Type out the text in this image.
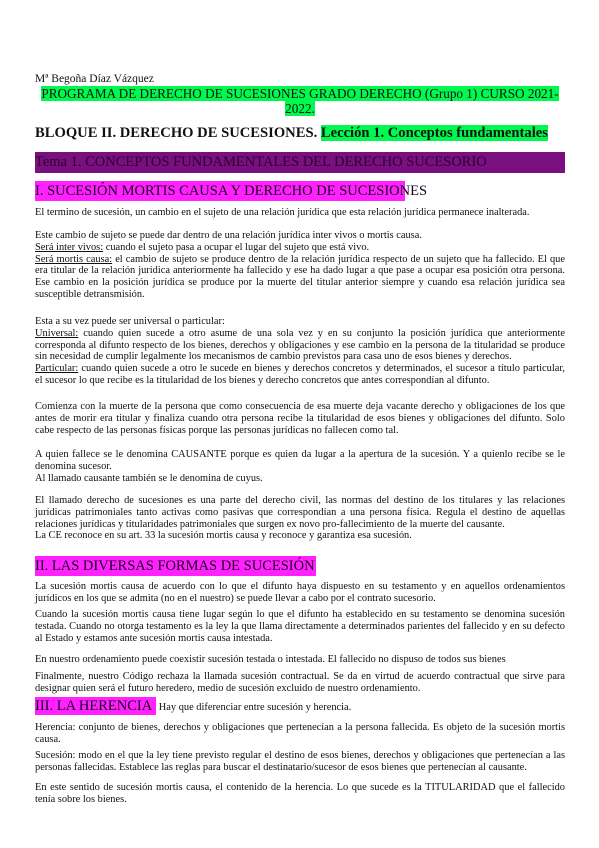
Mª Begoña Díaz Vázquez
PROGRAMA DE DERECHO DE SUCESIONES GRADO DERECHO (Grupo 1) CURSO 2021-2022.
BLOQUE II. DERECHO DE SUCESIONES. Lección 1. Conceptos fundamentales
Tema 1. CONCEPTOS FUNDAMENTALES DEL DERECHO SUCESORIO
I. SUCESIÓN MORTIS CAUSA Y DERECHO DE SUCESIONES
El termino de sucesión, un cambio en el sujeto de una relación jurídica que esta relación jurídica permanece inalterada.
Este cambio de sujeto se puede dar dentro de una relación jurídica inter vivos o mortis causa.
Será inter vivos: cuando el sujeto pasa a ocupar el lugar del sujeto que está vivo.
Será mortis causa: el cambio de sujeto se produce dentro de la relación jurídica respecto de un sujeto que ha fallecido. El que era titular de la relación jurídica anteriormente ha fallecido y ese ha dado lugar a que pase a ocupar esa posición otra persona. Ese cambio en la posición jurídica se produce por la muerte del titular anterior siempre y cuando esa relación jurídica sea susceptible detransmisión.
Esta a su vez puede ser universal o particular:
Universal: cuando quien sucede a otro asume de una sola vez y en su conjunto la posición jurídica que anteriormente corresponda al difunto respecto de los bienes, derechos y obligaciones y ese cambio en la persona de la titularidad se produce sin necesidad de cumplir legalmente los mecanismos de cambio previstos para casa uno de esos bienes y derechos.
Particular: cuando quien sucede a otro le sucede en bienes y derechos concretos y determinados, el sucesor a título particular, el sucesor lo que recibe es la titularidad de los bienes y derecho concretos que antes correspondían al difunto.
Comienza con la muerte de la persona que como consecuencia de esa muerte deja vacante derecho y obligaciones de los que antes de morir era titular y finaliza cuando otra persona recibe la titularidad de esos bienes y obligaciones del difunto. Solo cabe respecto de las personas físicas porque las personas jurídicas no fallecen como tal.
A quien fallece se le denomina CAUSANTE porque es quien da lugar a la apertura de la sucesión. Y a quienlo recibe se le denomina sucesor.
Al llamado causante también se le denomina de cuyus.
El llamado derecho de sucesiones es una parte del derecho civil, las normas del destino de los titulares y las relaciones jurídicas patrimoniales tanto activas como pasivas que correspondían a una persona física. Regula el destino de aquellas relaciones jurídicas y titularidades patrimoniales que surgen ex novo pro-fallecimiento de la muerte del causante.
La CE reconoce en su art. 33 la sucesión mortis causa y reconoce y garantiza esa sucesión.
II. LAS DIVERSAS FORMAS DE SUCESIÓN
La sucesión mortis causa de acuerdo con lo que el difunto haya dispuesto en su testamento y en aquellos ordenamientos jurídicos en los que se admita (no en el nuestro) se puede llevar a cabo por el contrato sucesorio.
Cuando la sucesión mortis causa tiene lugar según lo que el difunto ha establecido en su testamento se denomina sucesión testada. Cuando no otorga testamento es la ley la que llama directamente a determinados parientes del fallecido y en su defecto al Estado y estamos ante sucesión mortis causa intestada.
En nuestro ordenamiento puede coexistir sucesión testada o intestada. El fallecido no dispuso de todos sus bienes
Finalmente, nuestro Código rechaza la llamada sucesión contractual. Se da en virtud de acuerdo contractual que sirve para designar quien será el futuro heredero, medio de sucesión excluido de nuestro ordenamiento.
III. LA HERENCIA Hay que diferenciar entre sucesión y herencia.
Herencia: conjunto de bienes, derechos y obligaciones que pertenecían a la persona fallecida. Es objeto de la sucesión mortis causa.
Sucesión: modo en el que la ley tiene previsto regular el destino de esos bienes, derechos y obligaciones que pertenecían a las personas fallecidas. Establece las reglas para buscar el destinatario/sucesor de esos bienes que pertenecían al causante.
En este sentido de sucesión mortis causa, el contenido de la herencia. Lo que sucede es la TITULARIDAD que el fallecido tenía sobre los bienes.
